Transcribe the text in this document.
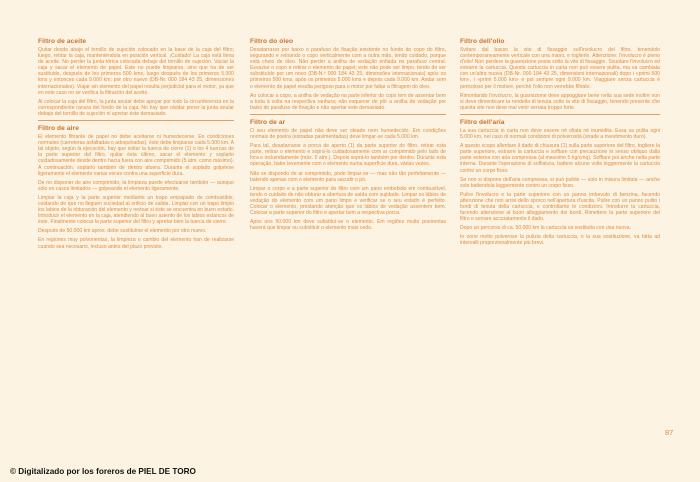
Filtro de aceite

Quitar desde abajo el tornillo de sujeción colocado en la base de la caja del filtro; luego, retirar la caja, manteniéndola en posición vertical. ¡Cuidado! La caja está llena de aceite. No perder la junta tórica colocada debajo del tornillo de sujeción. Vaciar la caja y sacar el elemento de papel. Este no puede limpiarse, sino que ha de ser sustituido, después de los primeros 500 kms, luego después de los primeros 5.000 kms y entonces cada 9.000 km; por otro nuevo (DB-Nr. 000 184 43 25, dimensiones internacionales). Viajar sin elemento del papel resulta perjudicial para el motor, ya que en este caso no se verifica la filtración del aceite.

Al colocar la caja del filtro, la junta anular debe apoyar por todo la circunferencia en la correspondiente ranura del fondo de la caja. No hay que olvidar poner la junta anular debajo del tornillo de sujeción ni apretar éste demasiado.

Filtro de aire

El elemento filtrante de papel no debe aceitarse ni humedecerse. En condiciones normales (carreteras asfaltadas o adoquinadas), éste debe limpiarse cada 5.000 km. A tal objeto, según la ejecución, hay que soltar la tuerca de cierre (1) o los 4 tuercas de la parte superior del filtro, quitar ésta último, sacar el elemento y soplarlo cuidadosamente desde dentro hacia fuera con aire comprimido (5 atm. como máximo). A continuación, soplarlo también de dentro afuera. Durante el soplado golpéese ligeramente el elemento varias veces contra una superficie dura.

De no disponer de aire comprimido, la limpieza puede efectuarse también — aunque sólo en casos limitados — golpeando el elemento ligeramente.

Limpiar la caja y la parte superior mediante un trapo empapado de combustible, cuidando de que no lleguen suciedad al orificio de salida. Limpiar con un trapo limpio los labios de la obturación del elemento y revisar si éste se encuentra en buen estado. Introducir el elemento en la caja, atendiendo al buen asiento de los labios estancos de éste. Finalmente colocar la parte superior del filtro y apretar bien la tuerca de cierre.

Después de 50.000 km aprox. debe sustituirse el elemento por otro nuevo.

En regiones muy polvorientas, la limpieza o cambio del elemento han de realizarse cuando sea necesario, incluso antes del plazo previsto.

Filtro do óleo

Desatarraxar por baixo o parafuso de fixação existente no fundo do copo do filtro, segurando e retirando o copo verticalmente com a outra mão, tendo cuidado, porque está cheio de óleo. Não perder a anilha de vedação enfiada no parafuso central. Esvaziar o copo e retirar o elemento de papel; este não pode ser limpo, tendo de ser substituído por um novo (DB-N.º 000 184 43 25, dimensões internacionais) após os primeiros 500 kms, após os primeiros 5.000 kms e depois cada 9.000 km. Andar sem o elemento de papel resulta perigoso para o motor por faltar a filtragem do óleo.

Ao colocar o copo, a anilha de vedação na parte inferior do copo tem de assentar bem a toda à volta na respectiva ranhura; não esquecer de pôr a anilha de vedação por baixo do parafuso de fixação e não apertar este demasiado.

Filtro de ar

O seu elemento de papel não deve ser oleado nem humedecido. Em condições normais de poeira (estradas pavimentadas) deve limpar-se cada 5.000 km.

Para tal, desatarraxar a porca de aperto (1) da parte superior do filtro, retirar esta parte, retirar o elemento e soprá-lo cuidadosamente com ar comprimido pelo lado de fora e incluindamente (máx. 5 atm.). Depois soprá-lo também por dentro. Durante esta operação, bater levemente com o elemento numa superfície dura, várias vezes.

Não se dispondo de ar comprimido, pode limpar-se — mas não tão perfeitamente — batendo apenas com o elemento para sacudir o pó.

Limpar o corpo e a parte superior do filtro com um pano embebido em combustível, tendo o cuidado de não obturar a abertura de saída com sujidade. Limpar os lábios de vedação do elemento com um pano limpo e verificar se o seu estado é perfeito. Colocar o elemento, prestando atenção que os lábios de vedação assentem bem. Colocar a parte superior do filtro e apertar bem a respectiva porca.

Após uns 50.000 km deve substituí-se o elemento. Em regiões muito poeirentas haverá que limpar ou substituir o elemento mais cedo.

Filtro dell'olio

Svitare dal basso la vite di fissaggio sull'involucro del filtro, tenendolo contemporaneamente verticale con una mano, e toglierlo. Attenzione: l'involucro è pieno d'olio! Non perdere la guarnizione posta sotto la vite di fissaggio. Svuotare l'involucro ed estrarre la cartuccia. Questa cartuccia in carta non può essere pulita, ma va cambiata con un'altra nuova (DB-Nr. 000 184 43 25, dimensioni internazionali) dopo i «primi 500 km», i «primi 5.000 km» e poi sempre ogni 9.000 km. Viaggiare senza cartuccia è pericoloso per il motore, perchè l'olio non verrebbe filtrato.

Rimontando l'involucro, la guarnizione deve appoggiare bene nella sua sede inoltre non si deve dimenticare la rondella di tenuta sotto la vite di fissaggio, tenendo presente che questa vite non deve mai venir serrata troppo forte.

Filtro dell'aria

La sua cartuccia in carta non deve essere nè oliata nè inumidita. Essa va pulita ogni 5.000 km, nel caso di normali condizioni di polverosità (strade a rivestimento duro).

A questo scopo allentare il dado di chiusura (1) sulla parte superiore del filtro, togliere la parte superiore, estrarre la cartuccia e soffiare con precauzione in senso obliquo dalla parte esterna con aria compressa (al massimo 5 kg/cmq). Soffiare poi anche nella parte interna. Durante l'operazione di soffiatura, battere alcune volte leggermente la cartuccia contro un corpo fisso.

Se non si dispone dell'aria compressa, si può pulirle — solo in misura limitata — anche solo battendola leggermente contro un corpo fisso.

Pulire l'involucro e la parte superiore con un panno imbevuto di benzina, facendo attenzione che non arrivi dello sporco nell'apertura d'uscita. Pulire con un panno pulito i bordi di tenuta della cartuccia, e controllarne le condizioni. Introdurre la cartuccia, facendo attenzione al buon alloggiamento dei bordi. Rimettere la parte superiore del filtro e serrare accuratamente il dado.

Dopo un percorso di ca. 50.000 km la cartuccia va sostituita con una nuova.

In zone molto polverose la pulizia della cartuccia, o la sua sostituzione, va fatta ad intervalli proporzionalmente più brevi.

87
© Digitalizado por los foreros de PIEL DE TORO
